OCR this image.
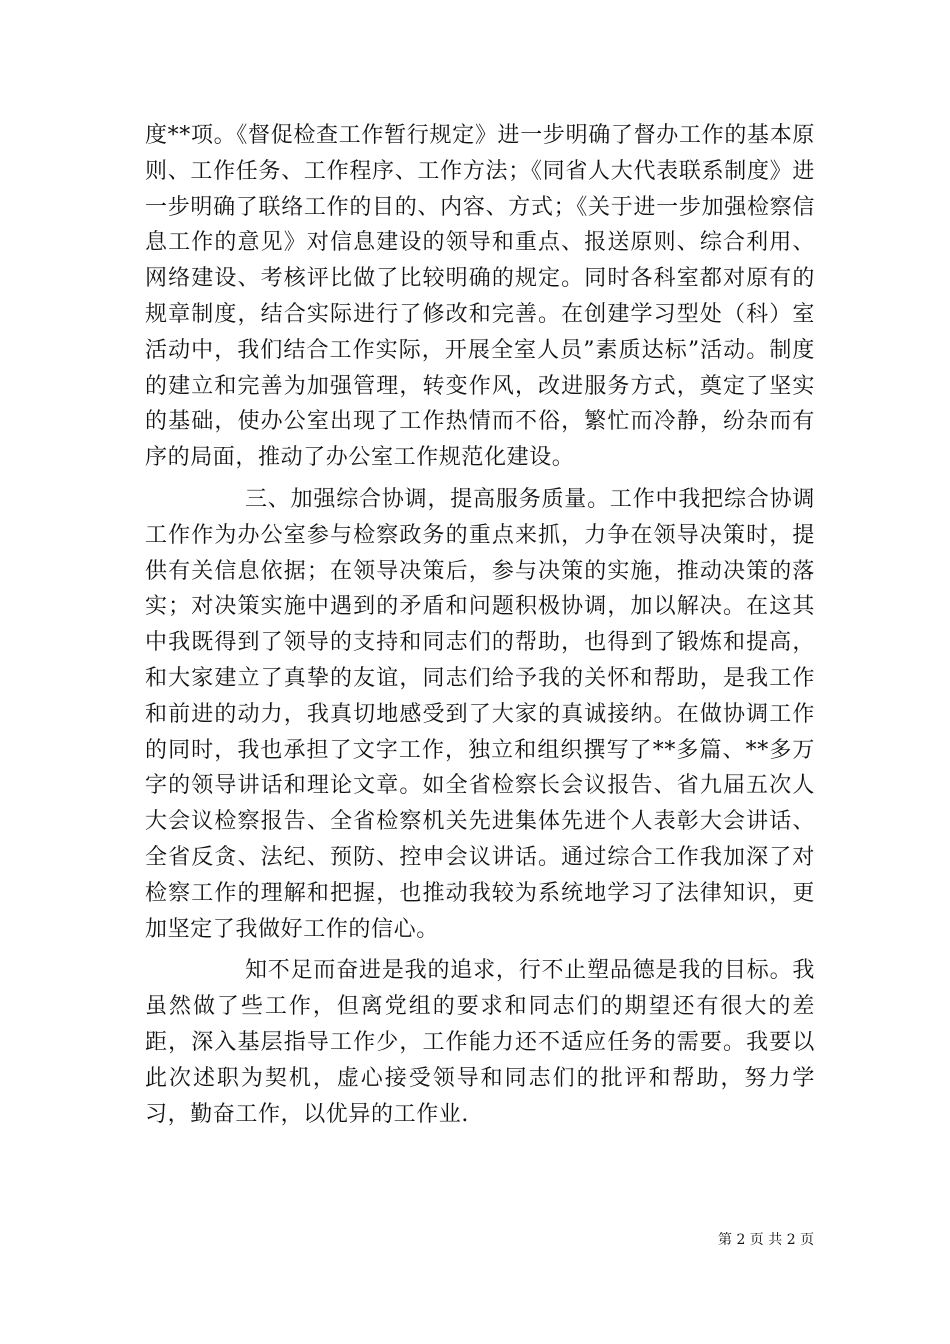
度**项。《督促检查工作暂行规定》进一步明确了督办工作的基本原则、工作任务、工作程序、工作方法；《同省人大代表联系制度》进一步明确了联络工作的目的、内容、方式；《关于进一步加强检察信息工作的意见》对信息建设的领导和重点、报送原则、综合利用、网络建设、考核评比做了比较明确的规定。同时各科室都对原有的规章制度，结合实际进行了修改和完善。在创建学习型处（科）室活动中，我们结合工作实际，开展全室人员”素质达标”活动。制度的建立和完善为加强管理，转变作风，改进服务方式，奠定了坚实的基础，使办公室出现了工作热情而不俗，繁忙而冷静，纷杂而有序的局面，推动了办公室工作规范化建设。

三、加强综合协调，提高服务质量。工作中我把综合协调工作作为办公室参与检察政务的重点来抓，力争在领导决策时，提供有关信息依据；在领导决策后，参与决策的实施，推动决策的落实；对决策实施中遇到的矛盾和问题积极协调，加以解决。在这其中我既得到了领导的支持和同志们的帮助，也得到了锻炼和提高，和大家建立了真挚的友谊，同志们给予我的关怀和帮助，是我工作和前进的动力，我真切地感受到了大家的真诚接纳。在做协调工作的同时，我也承担了文字工作，独立和组织撰写了**多篇、**多万字的领导讲话和理论文章。如全省检察长会议报告、省九届五次人大会议检察报告、全省检察机关先进集体先进个人表彰大会讲话、全省反贪、法纪、预防、控申会议讲话。通过综合工作我加深了对检察工作的理解和把握，也推动我较为系统地学习了法律知识，更加坚定了我做好工作的信心。

知不足而奋进是我的追求，行不止塑品德是我的目标。我虽然做了些工作，但离党组的要求和同志们的期望还有很大的差距，深入基层指导工作少，工作能力还不适应任务的需要。我要以此次述职为契机，虚心接受领导和同志们的批评和帮助，努力学习，勤奋工作，以优异的工作业.

第 2 页 共 2 页
